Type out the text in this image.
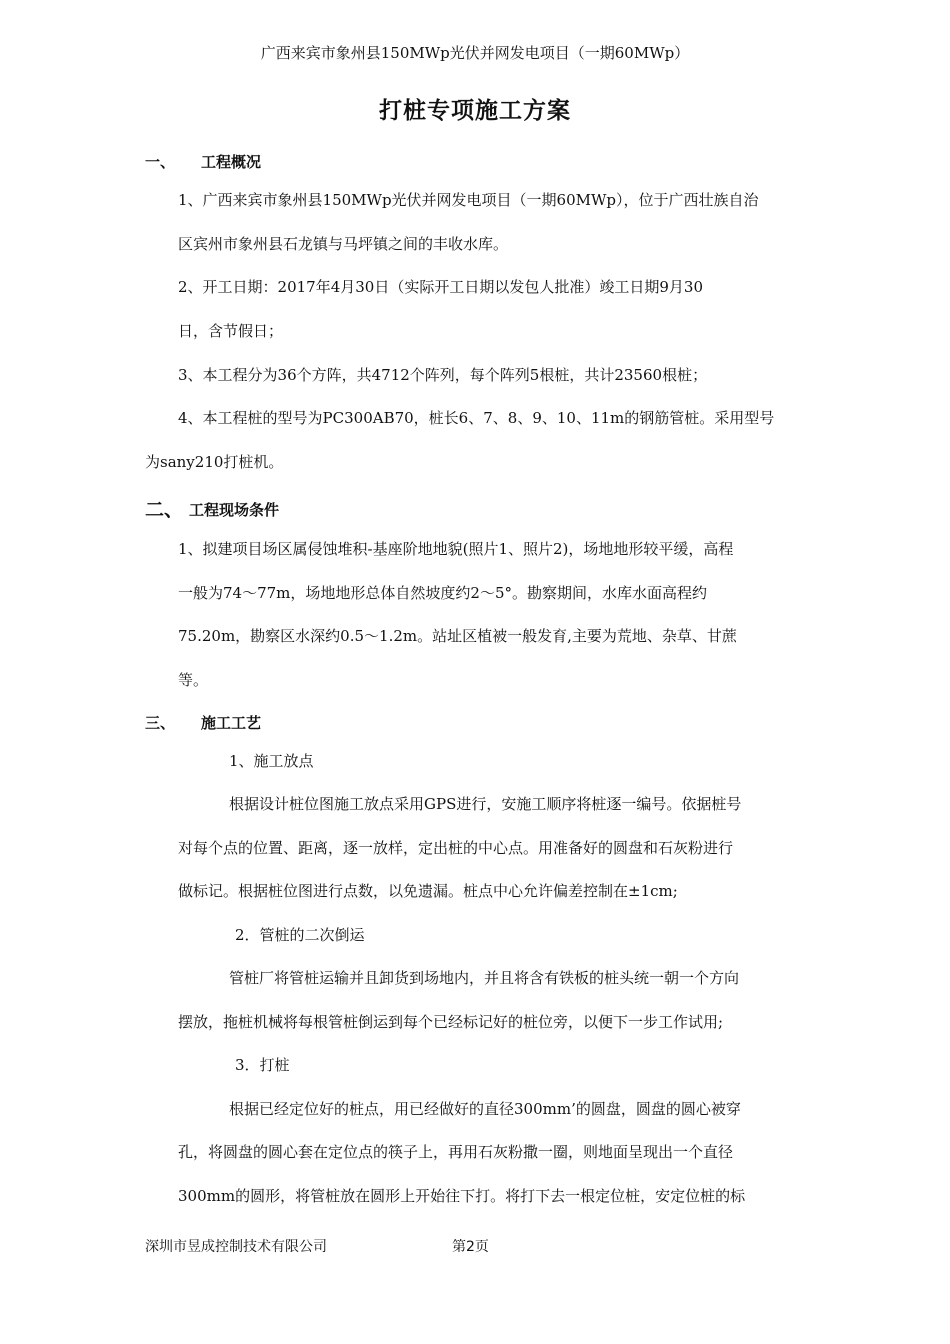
广西来宾市象州县150MWp光伏并网发电项目（一期60MWp）
打桩专项施工方案
一、 工程概况
1、广西来宾市象州县150MWp光伏并网发电项目（一期60MWp），位于广西壮族自治
区宾州市象州县石龙镇与马坪镇之间的丰收水库。
2、开工日期：2017年4月30日（实际开工日期以发包人批准）竣工日期9月30
日，含节假日；
3、本工程分为36个方阵，共4712个阵列，每个阵列5根桩，共计23560根桩；
4、本工程桩的型号为PC300AB70，桩长6、7、8、9、10、11m的钢筋管桩。采用型号
为sany210打桩机。
二、 工程现场条件
1、拟建项目场区属侵蚀堆积-基座阶地地貌(照片1、照片2)，场地地形较平缓，高程
一般为74～77m，场地地形总体自然坡度约2～5°。勘察期间，水库水面高程约
75.20m，勘察区水深约0.5～1.2m。站址区植被一般发育,主要为荒地、杂草、甘蔗
等。
三、 施工工艺
1、施工放点
根据设计桩位图施工放点采用GPS进行，安施工顺序将桩逐一编号。依据桩号
对每个点的位置、距离，逐一放样，定出桩的中心点。用准备好的圆盘和石灰粉进行
做标记。根据桩位图进行点数，以免遗漏。桩点中心允许偏差控制在±1cm;
2．管桩的二次倒运
管桩厂将管桩运输并且卸货到场地内，并且将含有铁板的桩头统一朝一个方向
摆放，拖桩机械将每根管桩倒运到每个已经标记好的桩位旁，以便下一步工作试用;
3．打桩
根据已经定位好的桩点，用已经做好的直径300mm’的圆盘，圆盘的圆心被穿
孔，将圆盘的圆心套在定位点的筷子上，再用石灰粉撒一圈，则地面呈现出一个直径
300mm的圆形，将管桩放在圆形上开始往下打。将打下去一根定位桩，安定位桩的标
深圳市昱成控制技术有限公司	第2页
